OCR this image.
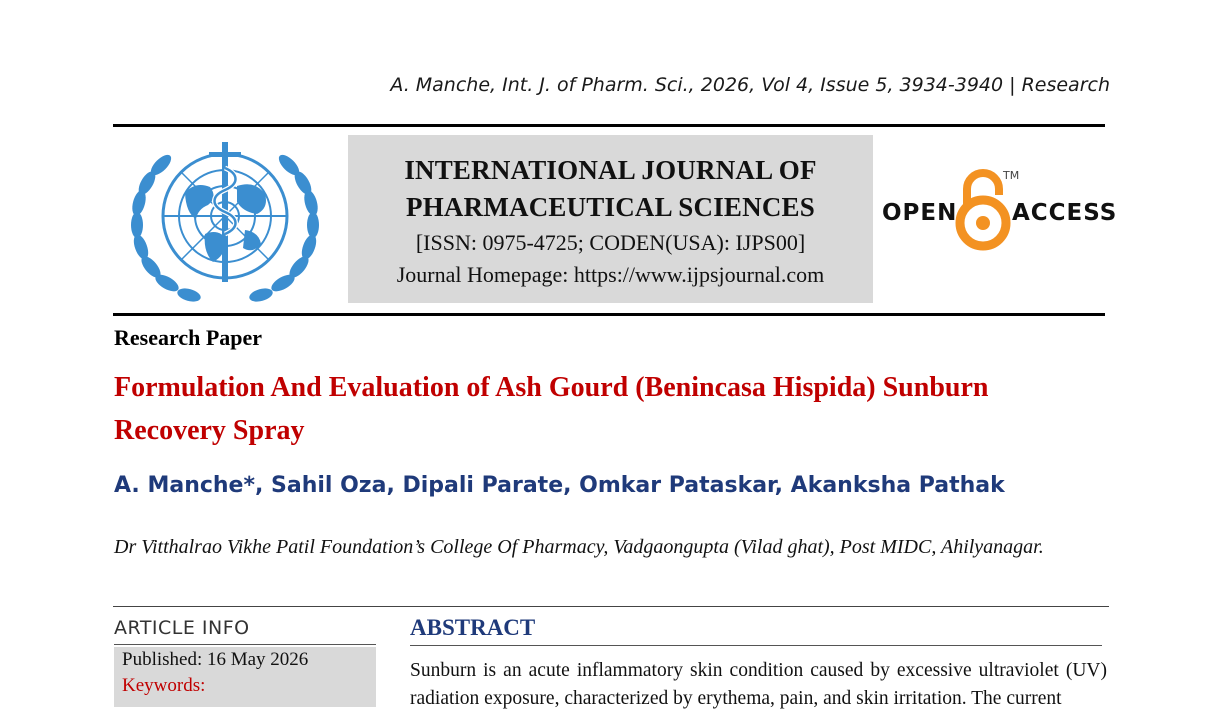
A. Manche, Int. J. of Pharm. Sci., 2026, Vol 4, Issue 5, 3934-3940 | Research
INTERNATIONAL JOURNAL OF
PHARMACEUTICAL SCIENCES
[ISSN: 0975-4725; CODEN(USA): IJPS00]
Journal Homepage: https://www.ijpsjournal.com
OPEN
TM
ACCESS
Research Paper
Formulation And Evaluation of Ash Gourd (Benincasa Hispida) Sunburn Recovery Spray
A. Manche*, Sahil Oza, Dipali Parate, Omkar Pataskar, Akanksha Pathak
Dr Vitthalrao Vikhe Patil Foundation’s College Of Pharmacy, Vadgaongupta (Vilad ghat), Post MIDC, Ahilyanagar.
ARTICLE INFO
Published: 16 May 2026
Keywords:
ABSTRACT
Sunburn is an acute inflammatory skin condition caused by excessive ultraviolet (UV) radiation exposure, characterized by erythema, pain, and skin irritation. The current
